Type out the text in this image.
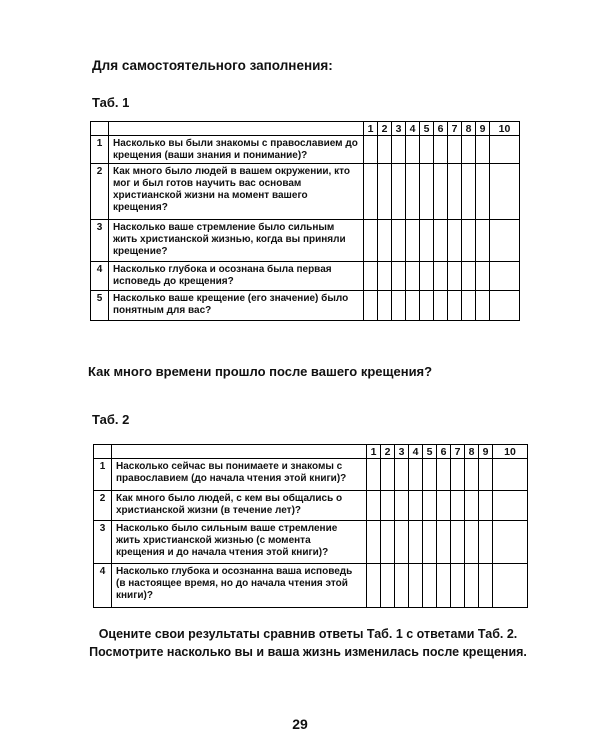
Для самостоятельного заполнения:
Таб. 1
		1	2	3	4	5	6	7	8	9	10
1	Насколько вы были знакомы с православием до крещения (ваши знания и понимание)?										
2	Как много было людей в вашем окружении, кто мог и был готов научить вас основам христианской жизни на момент вашего крещения?										
3	Насколько ваше стремление было сильным жить христианской жизнью, когда вы приняли крещение?										
4	Насколько глубока и осознана была первая исповедь до крещения?										
5	Насколько ваше крещение (его значение) было понятным для вас?										
Как много времени прошло после вашего крещения?
Таб. 2
		1	2	3	4	5	6	7	8	9	10
1	Насколько сейчас вы понимаете и знакомы с православием (до начала чтения этой книги)?										
2	Как много было людей, с кем вы общались о христианской жизни (в течение лет)?										
3	Насколько было сильным ваше стремление жить христианской жизнью (с момента крещения и до начала чтения этой книги)?										
4	Насколько глубока и осознанна ваша исповедь (в настоящее время, но до начала чтения этой книги)?										

Оцените свои результаты сравнив ответы Таб. 1 с ответами Таб. 2.

Посмотрите насколько вы и ваша жизнь изменилась после крещения.

29
